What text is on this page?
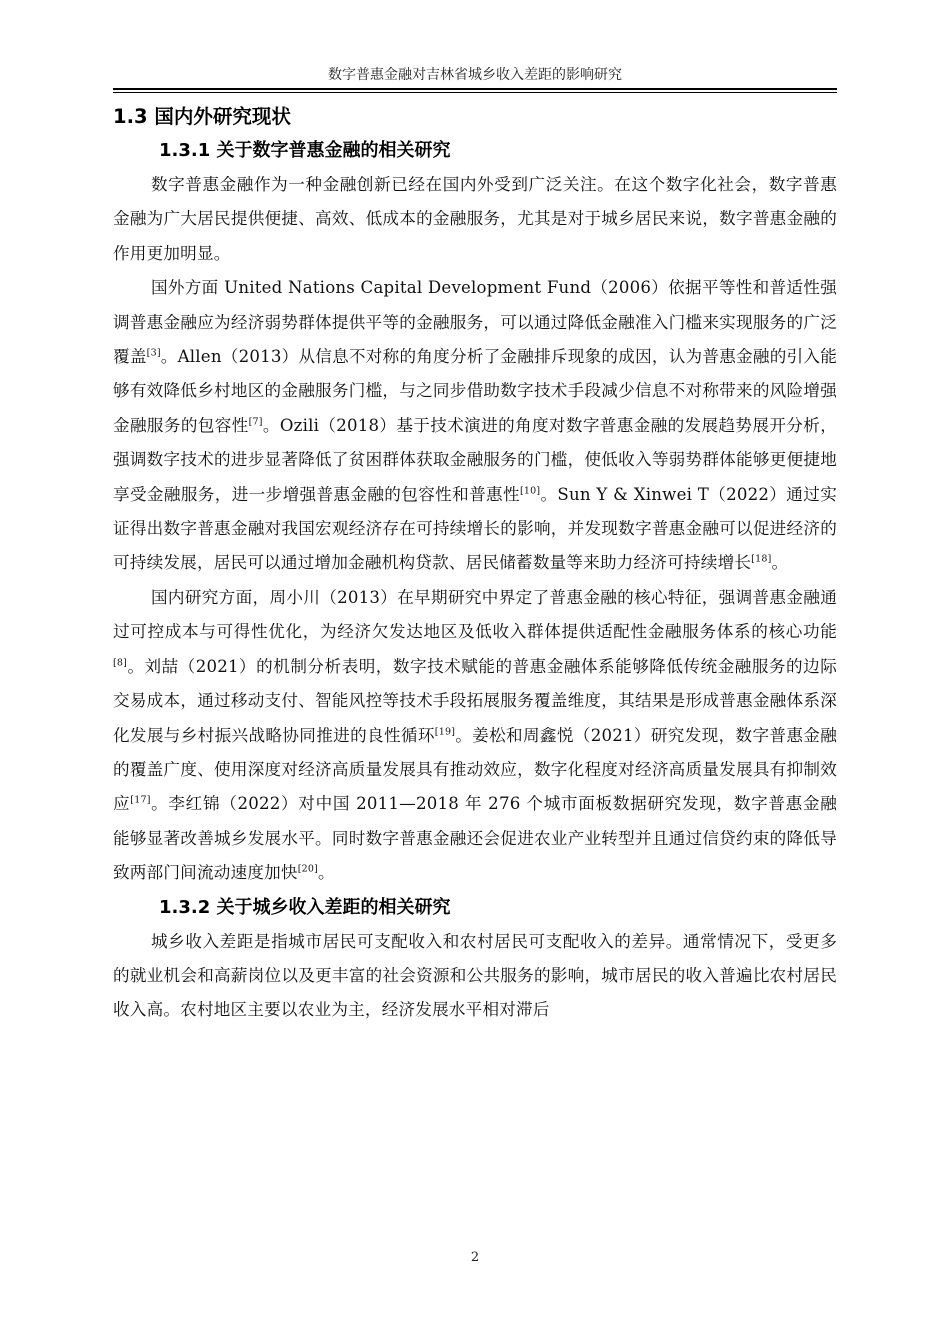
数字普惠金融对吉林省城乡收入差距的影响研究
1.3 国内外研究现状
1.3.1 关于数字普惠金融的相关研究

数字普惠金融作为一种金融创新已经在国内外受到广泛关注。在这个数字化社会，数字普惠金融为广大居民提供便捷、高效、低成本的金融服务，尤其是对于城乡居民来说，数字普惠金融的作用更加明显。

国外方面 United Nations Capital Development Fund（2006）依据平等性和普适性强调普惠金融应为经济弱势群体提供平等的金融服务，可以通过降低金融准入门槛来实现服务的广泛覆盖[3]。Allen（2013）从信息不对称的角度分析了金融排斥现象的成因，认为普惠金融的引入能够有效降低乡村地区的金融服务门槛，与之同步借助数字技术手段减少信息不对称带来的风险增强金融服务的包容性[7]。Ozili（2018）基于技术演进的角度对数字普惠金融的发展趋势展开分析，强调数字技术的进步显著降低了贫困群体获取金融服务的门槛，使低收入等弱势群体能够更便捷地享受金融服务，进一步增强普惠金融的包容性和普惠性[10]。Sun Y & Xinwei T（2022）通过实证得出数字普惠金融对我国宏观经济存在可持续增长的影响，并发现数字普惠金融可以促进经济的可持续发展，居民可以通过增加金融机构贷款、居民储蓄数量等来助力经济可持续增长[18]。

国内研究方面，周小川（2013）在早期研究中界定了普惠金融的核心特征，强调普惠金融通过可控成本与可得性优化，为经济欠发达地区及低收入群体提供适配性金融服务体系的核心功能[8]。刘喆（2021）的机制分析表明，数字技术赋能的普惠金融体系能够降低传统金融服务的边际交易成本，通过移动支付、智能风控等技术手段拓展服务覆盖维度，其结果是形成普惠金融体系深化发展与乡村振兴战略协同推进的良性循环[19]。姜松和周鑫悦（2021）研究发现，数字普惠金融的覆盖广度、使用深度对经济高质量发展具有推动效应，数字化程度对经济高质量发展具有抑制效应[17]。李红锦（2022）对中国 2011—2018 年 276 个城市面板数据研究发现，数字普惠金融能够显著改善城乡发展水平。同时数字普惠金融还会促进农业产业转型并且通过信贷约束的降低导致两部门间流动速度加快[20]。

1.3.2 关于城乡收入差距的相关研究

城乡收入差距是指城市居民可支配收入和农村居民可支配收入的差异。通常情况下，受更多的就业机会和高薪岗位以及更丰富的社会资源和公共服务的影响，城市居民的收入普遍比农村居民收入高。农村地区主要以农业为主，经济发展水平相对滞后

2
